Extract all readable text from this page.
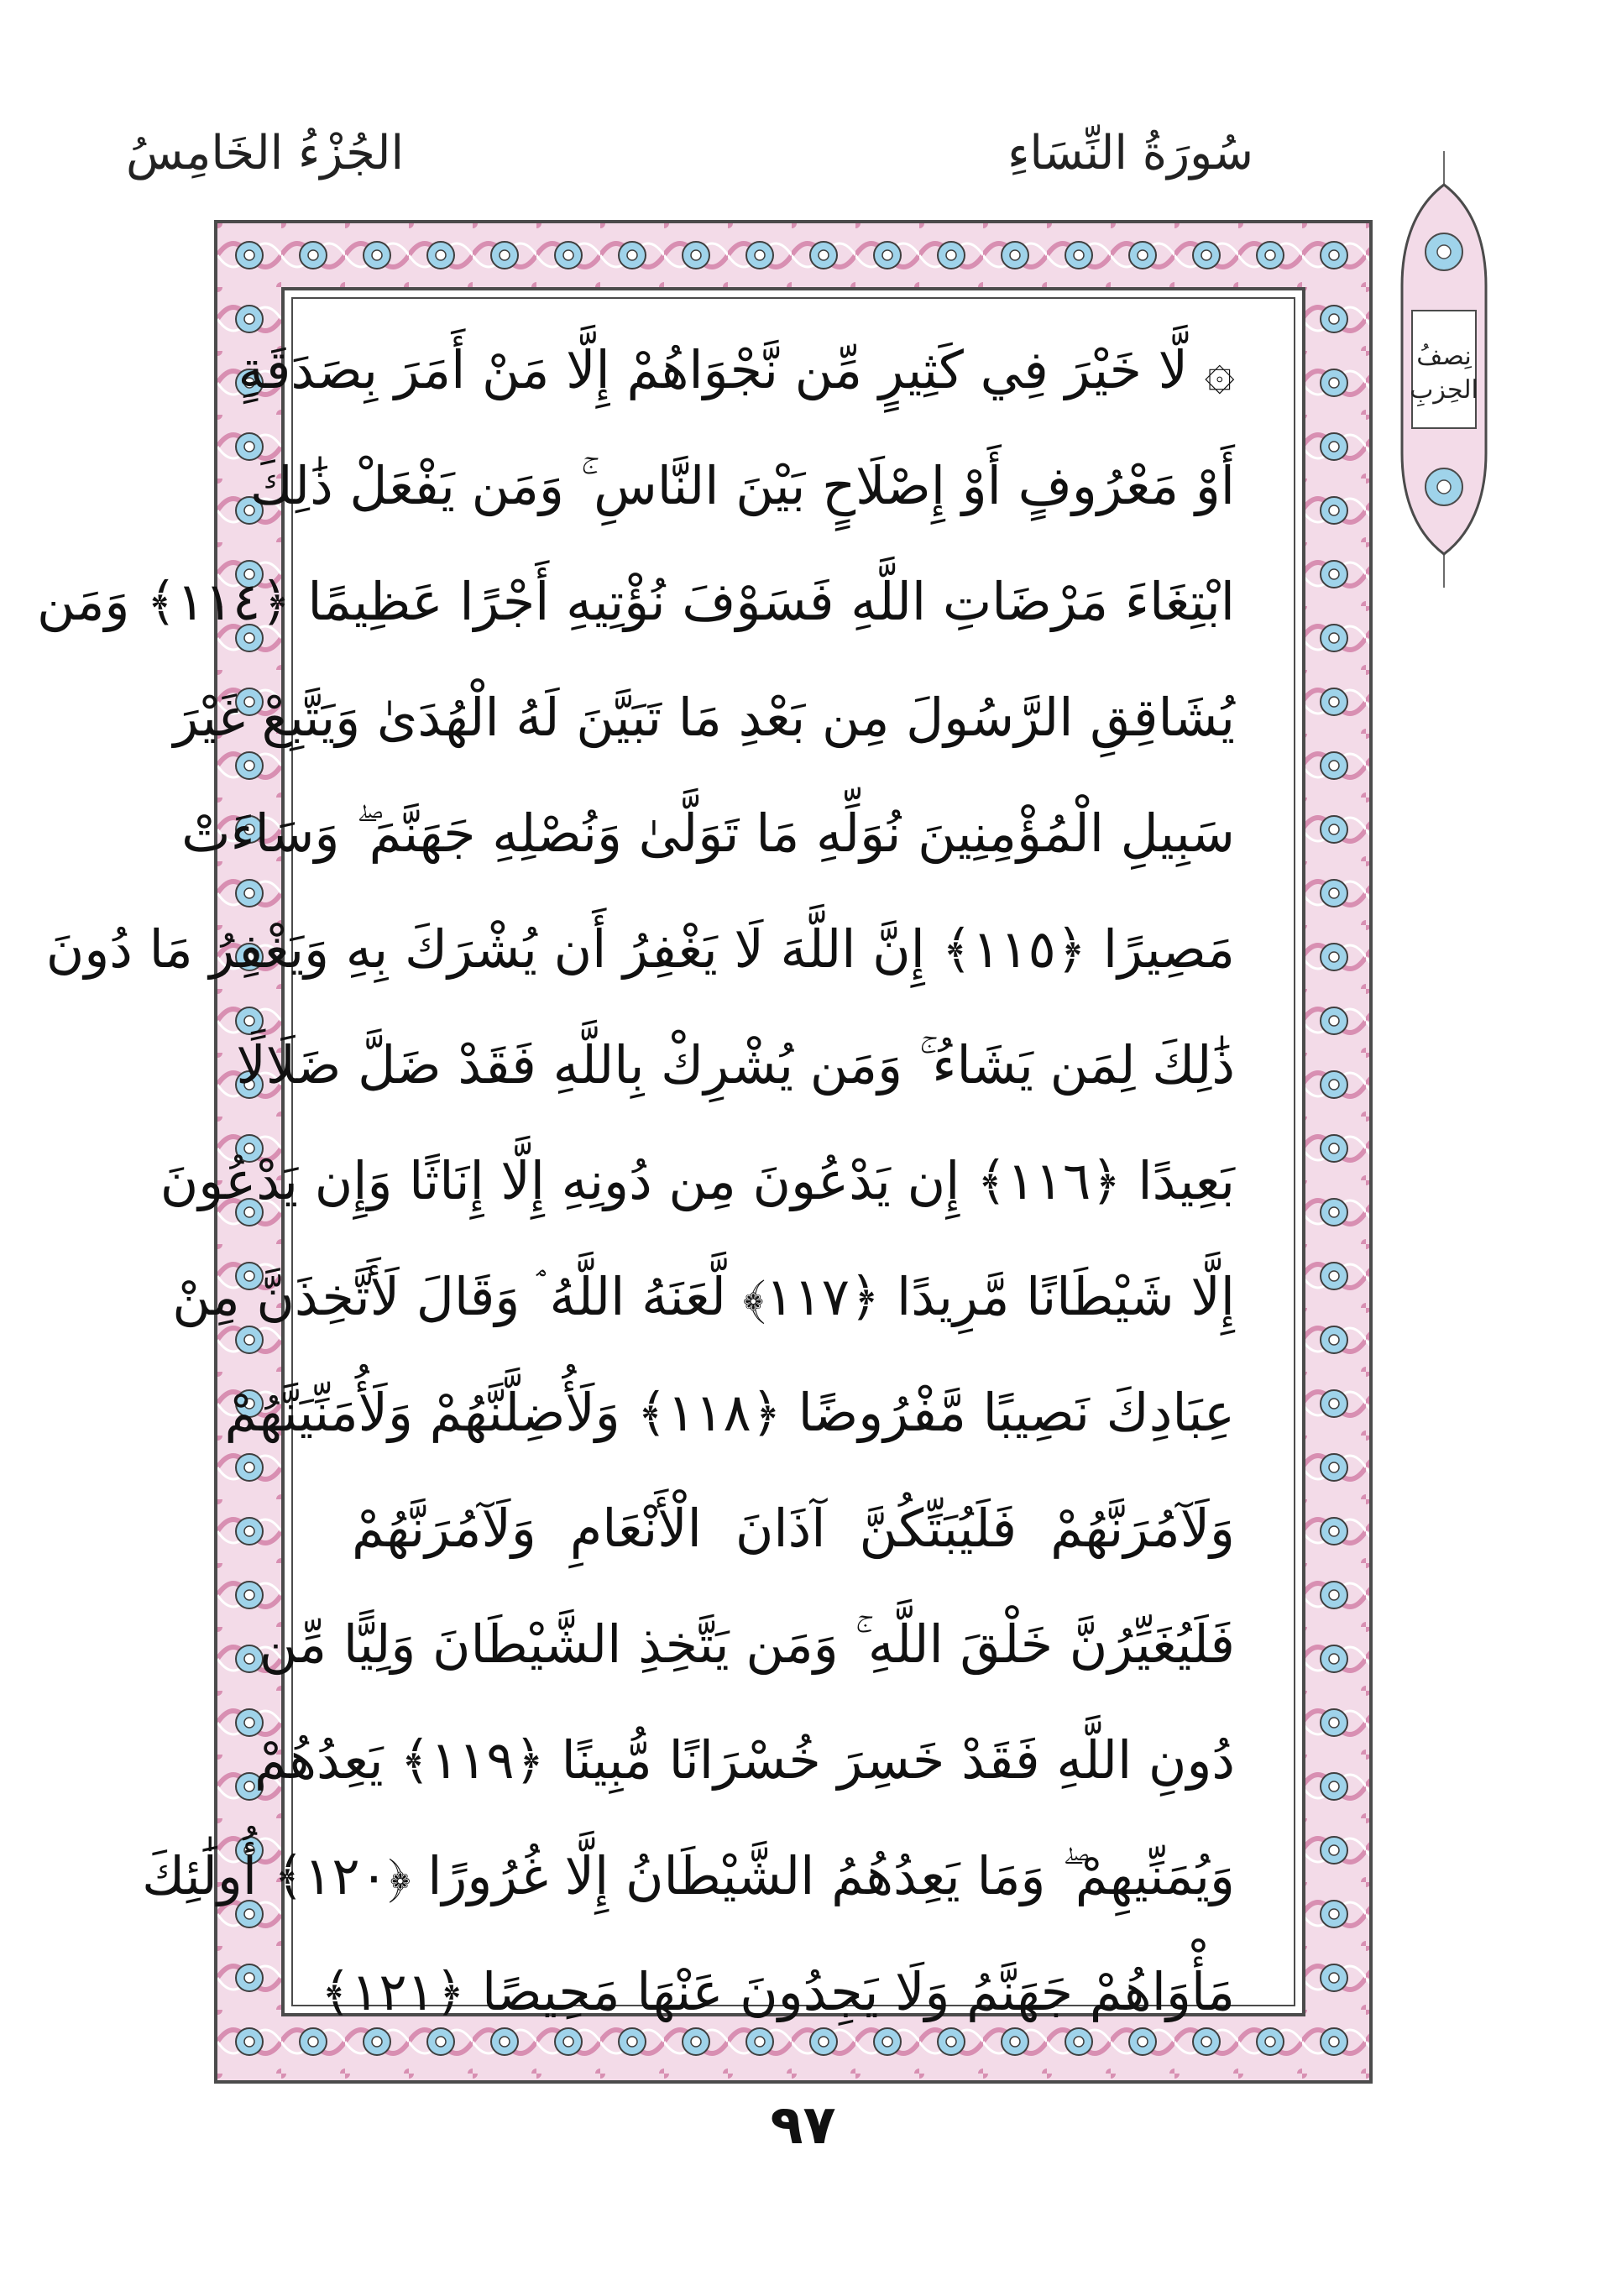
سُورَةُ النِّسَاءِ
الجُزْءُ الخَامِسُ
نِصفُ الحِزبِ
۞ لَّا خَيْرَ فِي كَثِيرٍ مِّن نَّجْوَاهُمْ إِلَّا مَنْ أَمَرَ بِصَدَقَةٍ
أَوْ مَعْرُوفٍ أَوْ إِصْلَاحٍ بَيْنَ النَّاسِ ۚ وَمَن يَفْعَلْ ذَٰلِكَ
ابْتِغَاءَ مَرْضَاتِ اللَّهِ فَسَوْفَ نُؤْتِيهِ أَجْرًا عَظِيمًا ﴿١١٤﴾ وَمَن
يُشَاقِقِ الرَّسُولَ مِن بَعْدِ مَا تَبَيَّنَ لَهُ الْهُدَىٰ وَيَتَّبِعْ غَيْرَ
سَبِيلِ الْمُؤْمِنِينَ نُوَلِّهِ مَا تَوَلَّىٰ وَنُصْلِهِ جَهَنَّمَ ۖ وَسَاءَتْ
مَصِيرًا ﴿١١٥﴾ إِنَّ اللَّهَ لَا يَغْفِرُ أَن يُشْرَكَ بِهِ وَيَغْفِرُ مَا دُونَ
ذَٰلِكَ لِمَن يَشَاءُ ۚ وَمَن يُشْرِكْ بِاللَّهِ فَقَدْ ضَلَّ ضَلَالًا
بَعِيدًا ﴿١١٦﴾ إِن يَدْعُونَ مِن دُونِهِ إِلَّا إِنَاثًا وَإِن يَدْعُونَ
إِلَّا شَيْطَانًا مَّرِيدًا ﴿١١٧﴾ لَّعَنَهُ اللَّهُ ۘ وَقَالَ لَأَتَّخِذَنَّ مِنْ
عِبَادِكَ نَصِيبًا مَّفْرُوضًا ﴿١١٨﴾ وَلَأُضِلَّنَّهُمْ وَلَأُمَنِّيَنَّهُمْ
وَلَآمُرَنَّهُمْ فَلَيُبَتِّكُنَّ آذَانَ الْأَنْعَامِ وَلَآمُرَنَّهُمْ
فَلَيُغَيِّرُنَّ خَلْقَ اللَّهِ ۚ وَمَن يَتَّخِذِ الشَّيْطَانَ وَلِيًّا مِّن
دُونِ اللَّهِ فَقَدْ خَسِرَ خُسْرَانًا مُّبِينًا ﴿١١٩﴾ يَعِدُهُمْ
وَيُمَنِّيهِمْ ۖ وَمَا يَعِدُهُمُ الشَّيْطَانُ إِلَّا غُرُورًا ﴿١٢٠﴾ أُولَٰئِكَ
مَأْوَاهُمْ جَهَنَّمُ وَلَا يَجِدُونَ عَنْهَا مَحِيصًا ﴿١٢١﴾
٩٧
